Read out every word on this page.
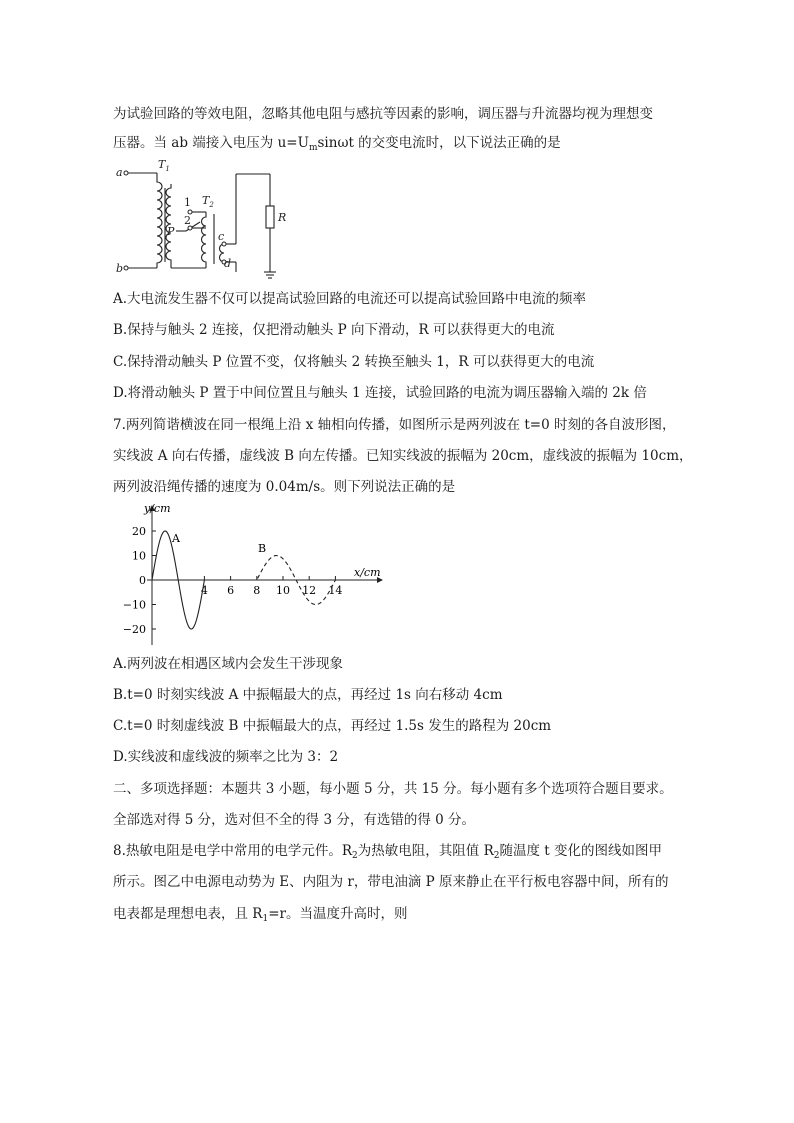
为试验回路的等效电阻，忽略其他电阻与感抗等因素的影响，调压器与升流器均视为理想变
压器。当 ab 端接入电压为 $u=U_m\sin\omega t$ 的交变电流时，以下说法正确的是
a
b
$T_1$
$T_2$
1
2
P	c
d
R
A.大电流发生器不仅可以提高试验回路的电流还可以提高试验回路中电流的频率
B.保持与触头 2 连接，仅把滑动触头 P 向下滑动，R 可以获得更大的电流
C.保持滑动触头 P 位置不变，仅将触头 2 转换至触头 1，R 可以获得更大的电流
D.将滑动触头 P 置于中间位置且与触头 1 连接，试验回路的电流为调压器输入端的 2k 倍
7.两列简谐横波在同一根绳上沿 x 轴相向传播，如图所示是两列波在 t=0 时刻的各自波形图，
实线波 A 向右传播，虚线波 B 向左传播。已知实线波的振幅为 20cm，虚线波的振幅为 10cm，
两列波沿绳传播的速度为 0.04m/s。则下列说法正确的是
20
10
0
−10
−20
4 6 8 10 12 14
y/cm
x/cm
A
B
A.两列波在相遇区域内会发生干涉现象
B.t=0 时刻实线波 A 中振幅最大的点，再经过 1s 向右移动 4cm
C.t=0 时刻虚线波 B 中振幅最大的点，再经过 1.5s 发生的路程为 20cm
D.实线波和虚线波的频率之比为 3：2
二、多项选择题：本题共 3 小题，每小题 5 分，共 15 分。每小题有多个选项符合题目要求。
全部选对得 5 分，选对但不全的得 3 分，有选错的得 0 分。
8.热敏电阻是电学中常用的电学元件。$R_2$为热敏电阻，其阻值 $R_2$随温度 t 变化的图线如图甲
所示。图乙中电源电动势为 E、内阻为 r，带电油滴 P 原来静止在平行板电容器中间，所有的
电表都是理想电表，且 $R_1=r$。当温度升高时，则
